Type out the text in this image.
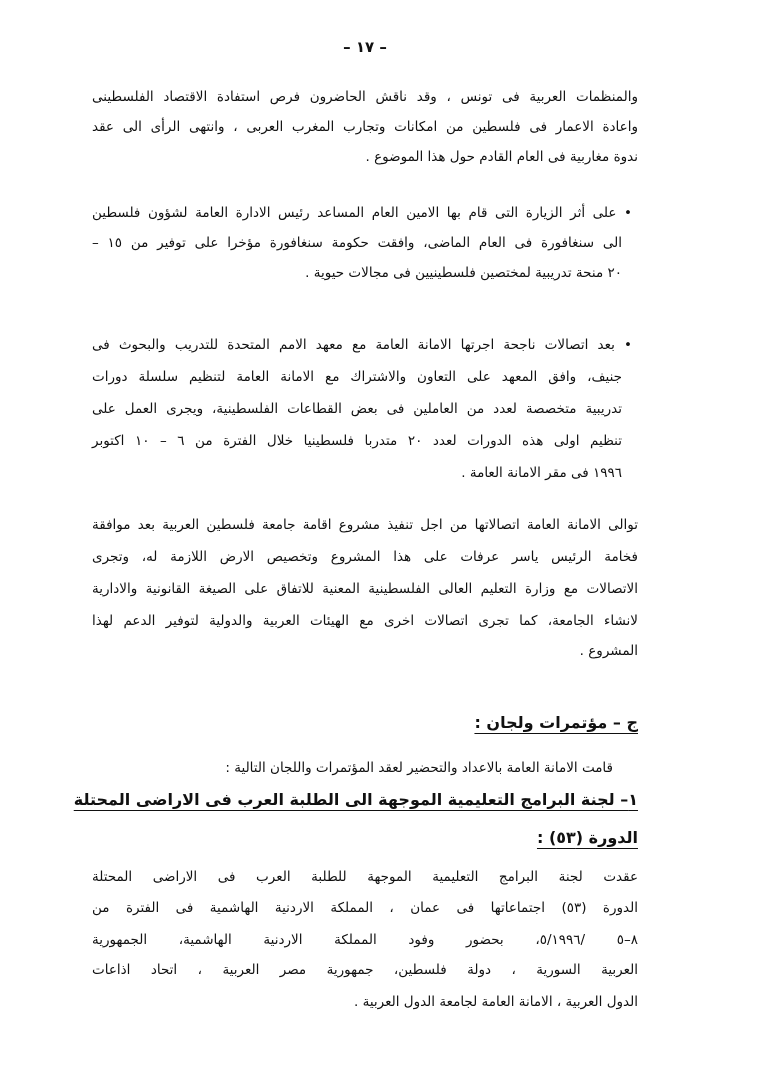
– ١٧ –
والمنظمات العربية فى تونس ، وقد ناقش الحاضرون فرص استفادة الاقتصاد الفلسطينى
واعادة الاعمار فى فلسطين من امكانات وتجارب المغرب العربى ، وانتهى الرأى الى عقد
ندوة مغاربية فى العام القادم حول هذا الموضوع .
• على أثر الزيارة التى قام بها الامين العام المساعد رئيس الادارة العامة لشؤون فلسطين
الى سنغافورة فى العام الماضى، وافقت حكومة سنغافورة مؤخرا على توفير من ١٥ –
٢٠ منحة تدريبية لمختصين فلسطينيين فى مجالات حيوية .
• بعد اتصالات ناجحة اجرتها الامانة العامة مع معهد الامم المتحدة للتدريب والبحوث فى
جنيف، وافق المعهد على التعاون والاشتراك مع الامانة العامة لتنظيم سلسلة دورات
تدريبية متخصصة لعدد من العاملين فى بعض القطاعات الفلسطينية، ويجرى العمل على
تنظيم اولى هذه الدورات لعدد ٢٠ متدربا فلسطينيا خلال الفترة من ٦ – ١٠ اكتوبر
١٩٩٦ فى مقر الامانة العامة .
توالى الامانة العامة اتصالاتها من اجل تنفيذ مشروع اقامة جامعة فلسطين العربية بعد موافقة
فخامة الرئيس ياسر عرفات على هذا المشروع وتخصيص الارض اللازمة له، وتجرى
الاتصالات مع وزارة التعليم العالى الفلسطينية المعنية للاتفاق على الصيغة القانونية والادارية
لانشاء الجامعة، كما تجرى اتصالات اخرى مع الهيئات العربية والدولية لتوفير الدعم لهذا
المشروع .
ج – مؤتمرات ولجان :
قامت الامانة العامة بالاعداد والتحضير لعقد المؤتمرات واللجان التالية :
١– لجنة البرامج التعليمية الموجهة الى الطلبة العرب فى الاراضى المحتلة
الدورة (٥٣) :
عقدت لجنة البرامج التعليمية الموجهة للطلبة العرب فى الاراضى المحتلة
الدورة (٥٣) اجتماعاتها فى عمان ، المملكة الاردنية الهاشمية فى الفترة من
٨–٥ /٥/١٩٩٦، بحضور وفود المملكة الاردنية الهاشمية، الجمهورية
العربية السورية ، دولة فلسطين، جمهورية مصر العربية ، اتحاد اذاعات
الدول العربية ، الامانة العامة لجامعة الدول العربية .
